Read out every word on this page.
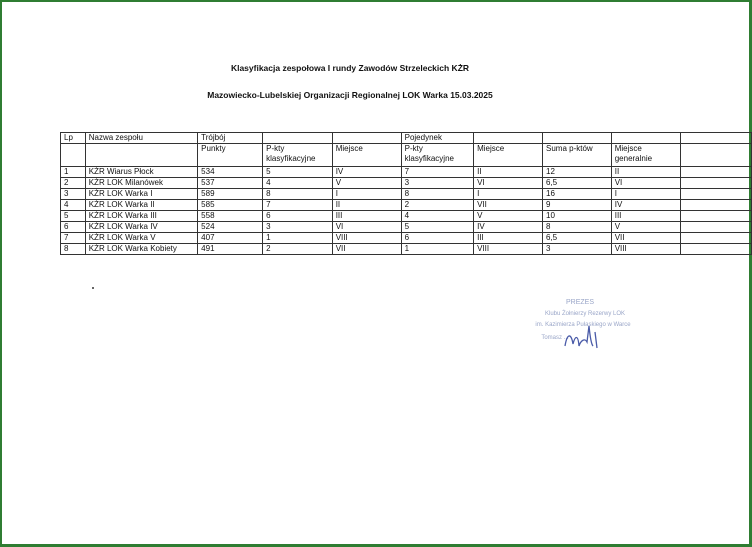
Klasyfikacja zespołowa I rundy Zawodów Strzeleckich KŻR
Mazowiecko-Lubelskiej Organizacji Regionalnej LOK Warka 15.03.2025
Lp	Nazwa zespołu	Trójbój			Pojedynek				
		Punkty	P-kty klasyfikacyjne	Miejsce	P-kty klasyfikacyjne	Miejsce	Suma p-któw	Miejsce generalnie	
1	KŻR Wiarus Płock	534	5	IV	7	II	12	II	
2	KŻR LOK Milanówek	537	4	V	3	VI	6,5	VI	
3	KŻR LOK Warka I	589	8	I	8	I	16	I	
4	KŻR LOK Warka II	585	7	II	2	VII	9	IV	
5	KŻR LOK Warka III	558	6	III	4	V	10	III	
6	KŻR LOK Warka IV	524	3	VI	5	IV	8	V	
7	KŻR LOK Warka V	407	1	VIII	6	III	6,5	VII	
8	KŻR LOK Warka Kobiety	491	2	VII	1	VIII	3	VIII	
PREZES
Klubu Żołnierzy Rezerwy LOK
im. Kazimierza Pułaskiego w Warce
Tomasz ...
